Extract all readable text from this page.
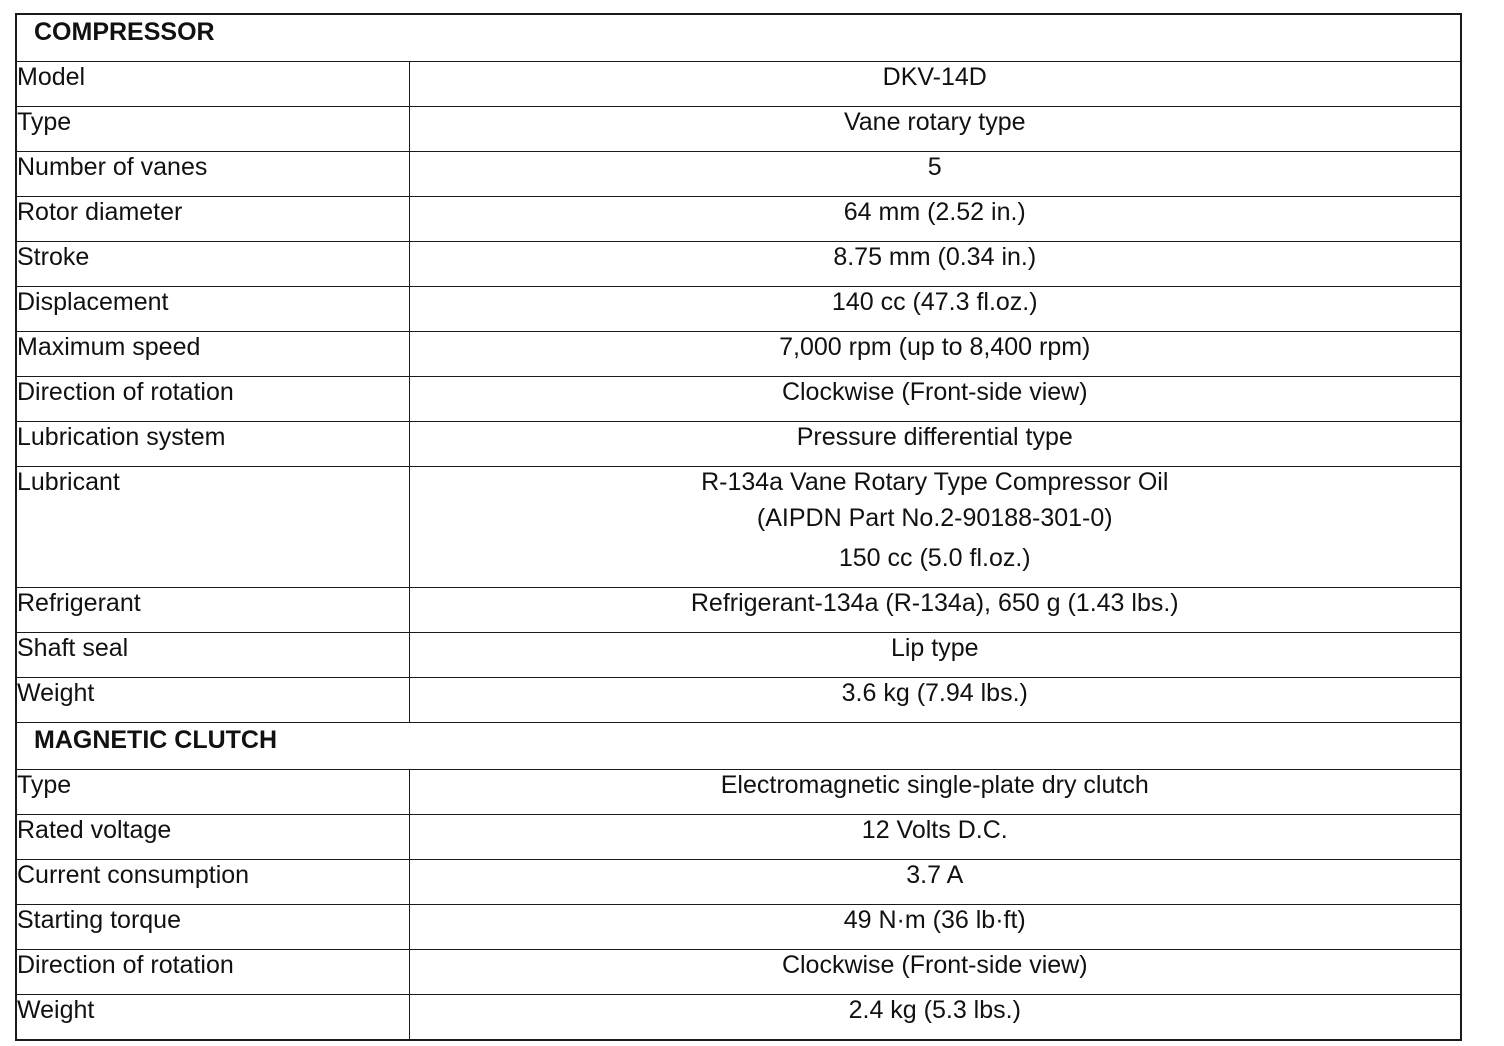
COMPRESSOR	
Model	DKV-14D
Type	Vane rotary type
Number of vanes	5
Rotor diameter	64 mm (2.52 in.)
Stroke	8.75 mm (0.34 in.)
Displacement	140 cc (47.3 fl.oz.)
Maximum speed	7,000 rpm (up to 8,400 rpm)
Direction of rotation	Clockwise (Front-side view)
Lubrication system	Pressure differential type
Lubricant	R-134a Vane Rotary Type Compressor Oil
(AIPDN Part No.2-90188-301-0)
150 cc (5.0 fl.oz.)

Refrigerant	Refrigerant-134a (R-134a), 650 g (1.43 lbs.)
Shaft seal	Lip type
Weight	3.6 kg (7.94 lbs.)
MAGNETIC CLUTCH	
Type	Electromagnetic single-plate dry clutch
Rated voltage	12 Volts D.C.
Current consumption	3.7 A
Starting torque	49 N·m (36 lb·ft)
Direction of rotation	Clockwise (Front-side view)
Weight	2.4 kg (5.3 lbs.)
